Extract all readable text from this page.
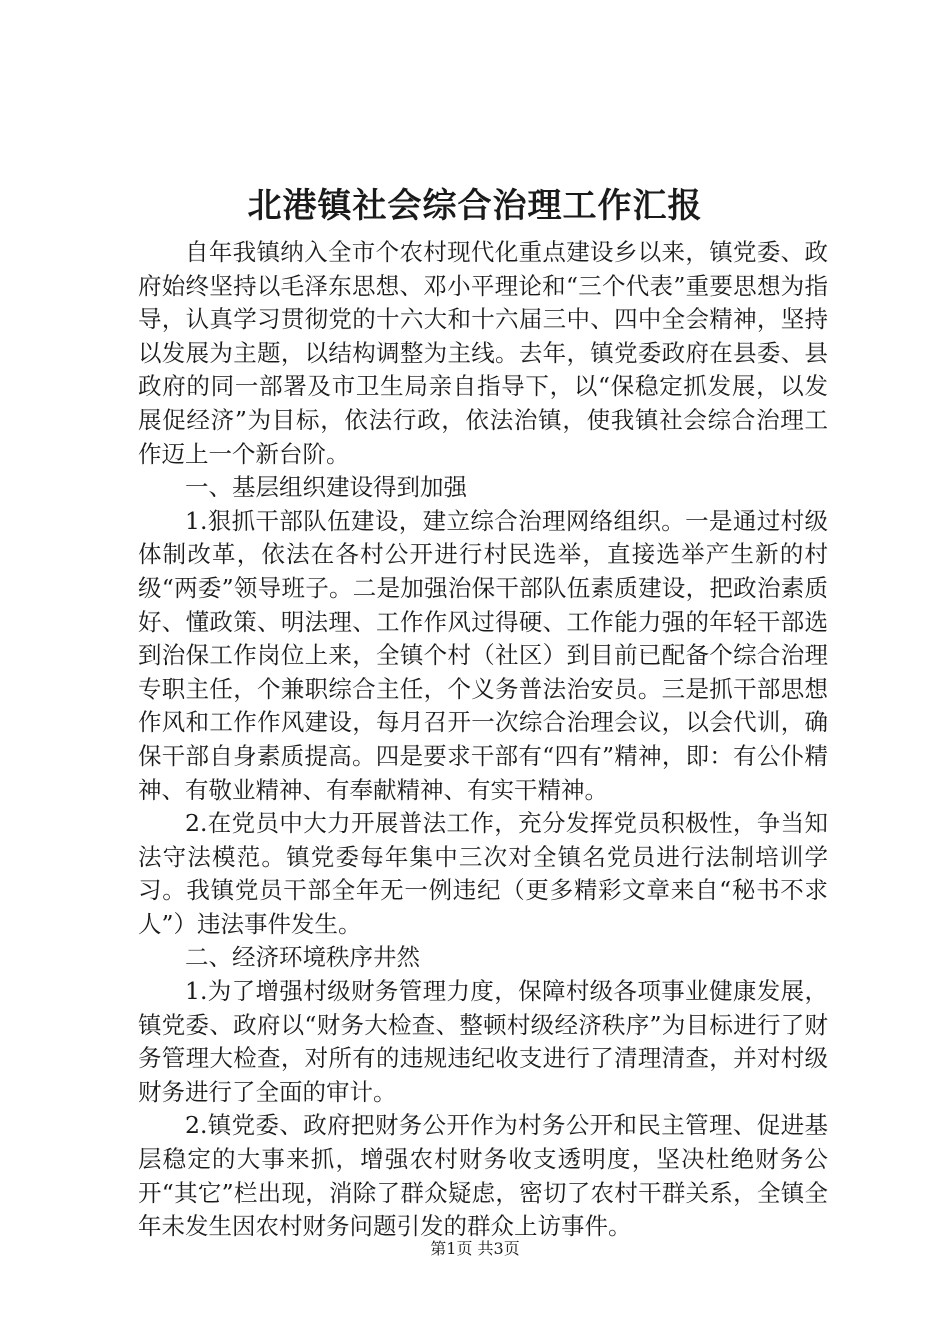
北港镇社会综合治理工作汇报

自年我镇纳入全市个农村现代化重点建设乡以来，镇党委、政府始终坚持以毛泽东思想、邓小平理论和“三个代表”重要思想为指导，认真学习贯彻党的十六大和十六届三中、四中全会精神，坚持以发展为主题，以结构调整为主线。去年，镇党委政府在县委、县政府的同一部署及市卫生局亲自指导下，以“保稳定抓发展，以发展促经济”为目标，依法行政，依法治镇，使我镇社会综合治理工作迈上一个新台阶。

一、基层组织建设得到加强

1.狠抓干部队伍建设，建立综合治理网络组织。一是通过村级体制改革，依法在各村公开进行村民选举，直接选举产生新的村级“两委”领导班子。二是加强治保干部队伍素质建设，把政治素质好、懂政策、明法理、工作作风过得硬、工作能力强的年轻干部选到治保工作岗位上来，全镇个村（社区）到目前已配备个综合治理专职主任，个兼职综合主任，个义务普法治安员。三是抓干部思想作风和工作作风建设，每月召开一次综合治理会议，以会代训，确保干部自身素质提高。四是要求干部有“四有”精神，即：有公仆精神、有敬业精神、有奉献精神、有实干精神。

2.在党员中大力开展普法工作，充分发挥党员积极性，争当知法守法模范。镇党委每年集中三次对全镇名党员进行法制培训学习。我镇党员干部全年无一例违纪（更多精彩文章来自“秘书不求人”）违法事件发生。

二、经济环境秩序井然

1.为了增强村级财务管理力度，保障村级各项事业健康发展，镇党委、政府以“财务大检查、整顿村级经济秩序”为目标进行了财务管理大检查，对所有的违规违纪收支进行了清理清查，并对村级财务进行了全面的审计。

2.镇党委、政府把财务公开作为村务公开和民主管理、促进基层稳定的大事来抓，增强农村财务收支透明度，坚决杜绝财务公开“其它”栏出现，消除了群众疑虑，密切了农村干群关系，全镇全年未发生因农村财务问题引发的群众上访事件。

第1页 共3页
